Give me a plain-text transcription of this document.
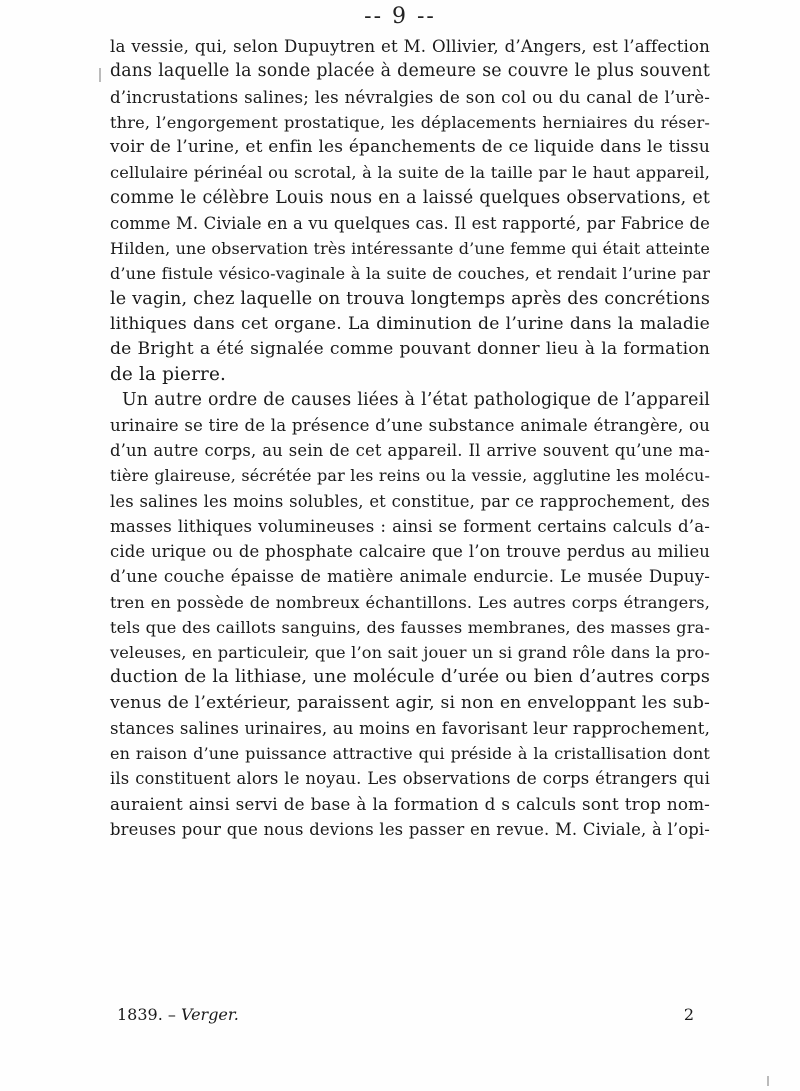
-- 9 --
la vessie, qui, selon Dupuytren et M. Ollivier, d’Angers, est l’affection
dans laquelle la sonde placée à demeure se couvre le plus souvent
d’incrustations salines; les névralgies de son col ou du canal de l’urè-
thre, l’engorgement prostatique, les déplacements herniaires du réser-
voir de l’urine, et enfin les épanchements de ce liquide dans le tissu
cellulaire périnéal ou scrotal, à la suite de la taille par le haut appareil,
comme le célèbre Louis nous en a laissé quelques observations, et
comme M. Civiale en a vu quelques cas. Il est rapporté, par Fabrice de
Hilden, une observation très intéressante d’une femme qui était atteinte
d’une fistule vésico-vaginale à la suite de couches, et rendait l’urine par
le vagin, chez laquelle on trouva longtemps après des concrétions
lithiques dans cet organe. La diminution de l’urine dans la maladie
de Bright a été signalée comme pouvant donner lieu à la formation
de la pierre.
Un autre ordre de causes liées à l’état pathologique de l’appareil
urinaire se tire de la présence d’une substance animale étrangère, ou
d’un autre corps, au sein de cet appareil. Il arrive souvent qu’une ma-
tière glaireuse, sécrétée par les reins ou la vessie, agglutine les molécu-
les salines les moins solubles, et constitue, par ce rapprochement, des
masses lithiques volumineuses : ainsi se forment certains calculs d’a-
cide urique ou de phosphate calcaire que l’on trouve perdus au milieu
d’une couche épaisse de matière animale endurcie. Le musée Dupuy-
tren en possède de nombreux échantillons. Les autres corps étrangers,
tels que des caillots sanguins, des fausses membranes, des masses gra-
veleuses, en particuleir, que l’on sait jouer un si grand rôle dans la pro-
duction de la lithiase, une molécule d’urée ou bien d’autres corps
venus de l’extérieur, paraissent agir, si non en enveloppant les sub-
stances salines urinaires, au moins en favorisant leur rapprochement,
en raison d’une puissance attractive qui préside à la cristallisation dont
ils constituent alors le noyau. Les observations de corps étrangers qui
auraient ainsi servi de base à la formation d s calculs sont trop nom-
breuses pour que nous devions les passer en revue. M. Civiale, à l’opi-
1839. – Verger.	2
